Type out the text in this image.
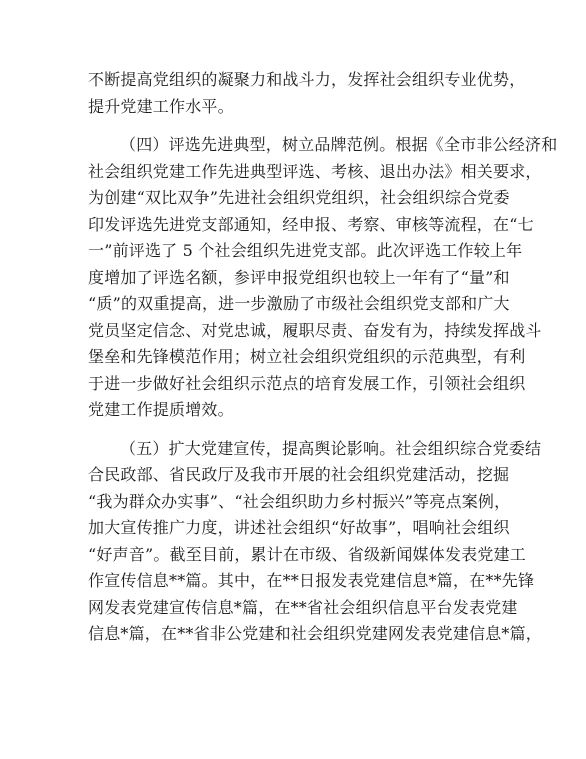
不断提高党组织的凝聚力和战斗力，发挥社会组织专业优势，
提升党建工作水平。

（四）评选先进典型，树立品牌范例。根据《全市非公经济和
社会组织党建工作先进典型评选、考核、退出办法》相关要求，
为创建“双比双争”先进社会组织党组织，社会组织综合党委
印发评选先进党支部通知，经申报、考察、审核等流程，在“七
一”前评选了 5 个社会组织先进党支部。此次评选工作较上年
度增加了评选名额，参评申报党组织也较上一年有了“量”和
“质”的双重提高，进一步激励了市级社会组织党支部和广大
党员坚定信念、对党忠诚，履职尽责、奋发有为，持续发挥战斗
堡垒和先锋模范作用；树立社会组织党组织的示范典型，有利
于进一步做好社会组织示范点的培育发展工作，引领社会组织
党建工作提质增效。

（五）扩大党建宣传，提高舆论影响。社会组织综合党委结
合民政部、省民政厅及我市开展的社会组织党建活动，挖掘
“我为群众办实事”、“社会组织助力乡村振兴”等亮点案例，
加大宣传推广力度，讲述社会组织“好故事”，唱响社会组织
“好声音”。截至目前，累计在市级、省级新闻媒体发表党建工
作宣传信息**篇。其中，在**日报发表党建信息*篇，在**先锋
网发表党建宣传信息*篇，在**省社会组织信息平台发表党建
信息*篇，在**省非公党建和社会组织党建网发表党建信息*篇，
